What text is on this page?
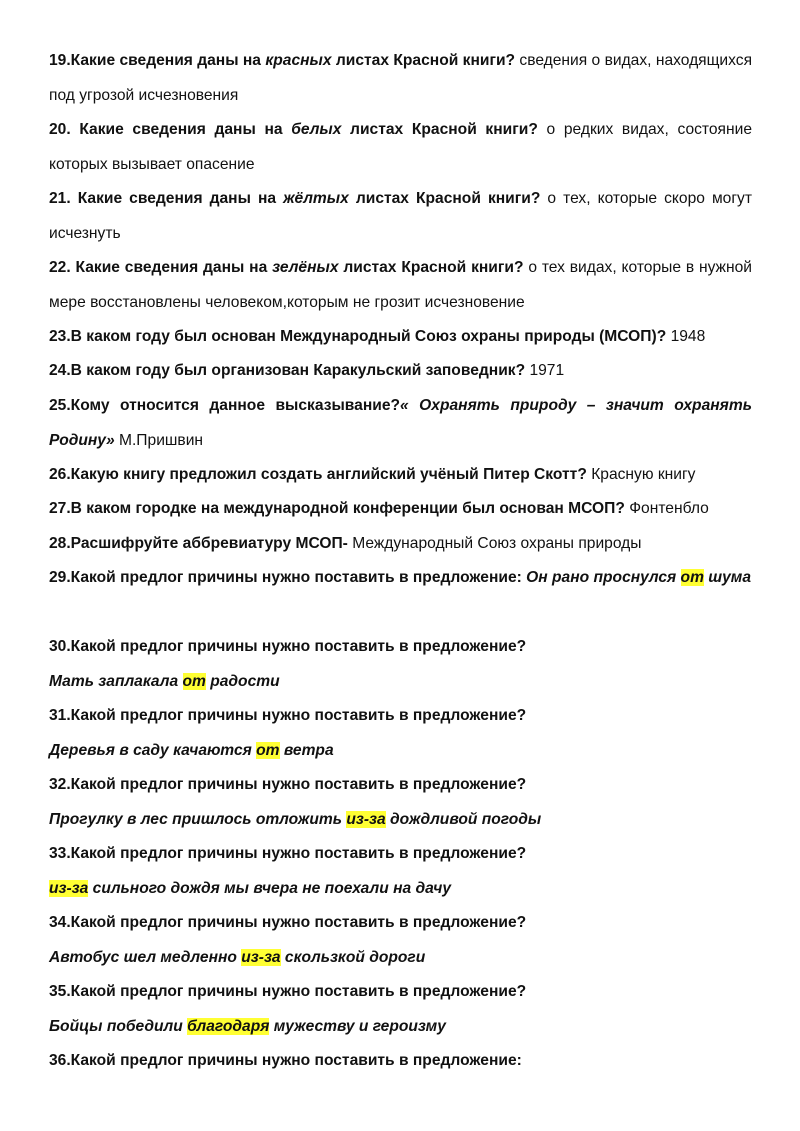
19.Какие сведения даны на красных листах Красной книги? сведения о видах, находящихся под угрозой исчезновения

20. Какие сведения даны на белых листах Красной книги? о редких видах, состояние которых вызывает опасение

21. Какие сведения даны на жёлтых листах Красной книги? о тех, которые скоро могут исчезнуть

22. Какие сведения даны на зелёных листах Красной книги? о тех видах, которые в нужной мере восстановлены человеком,которым не грозит исчезновение

23.В каком году был основан Международный Союз охраны природы (МСОП)? 1948

24.В каком году был организован Каракульский заповедник? 1971

25.Кому относится данное высказывание?« Охранять природу – значит охранять Родину» М.Пришвин

26.Какую книгу предложил создать английский учёный Питер Скотт? Красную книгу

27.В каком городке на международной конференции был основан МСОП? Фонтенбло

28.Расшифруйте аббревиатуру МСОП- Международный Союз охраны природы

29.Какой предлог причины нужно поставить в предложение: Он рано проснулся от шума

30.Какой предлог причины нужно поставить в предложение?
Мать заплакала от радости

31.Какой предлог причины нужно поставить в предложение?
Деревья в саду качаются от ветра

32.Какой предлог причины нужно поставить в предложение?
Прогулку в лес пришлось отложить из-за дождливой погоды

33.Какой предлог причины нужно поставить в предложение?
из-за сильного дождя мы вчера не поехали на дачу

34.Какой предлог причины нужно поставить в предложение?
Автобус шел медленно из-за скользкой дороги

35.Какой предлог причины нужно поставить в предложение?
Бойцы победили благодаря мужеству и героизму

36.Какой предлог причины нужно поставить в предложение:
